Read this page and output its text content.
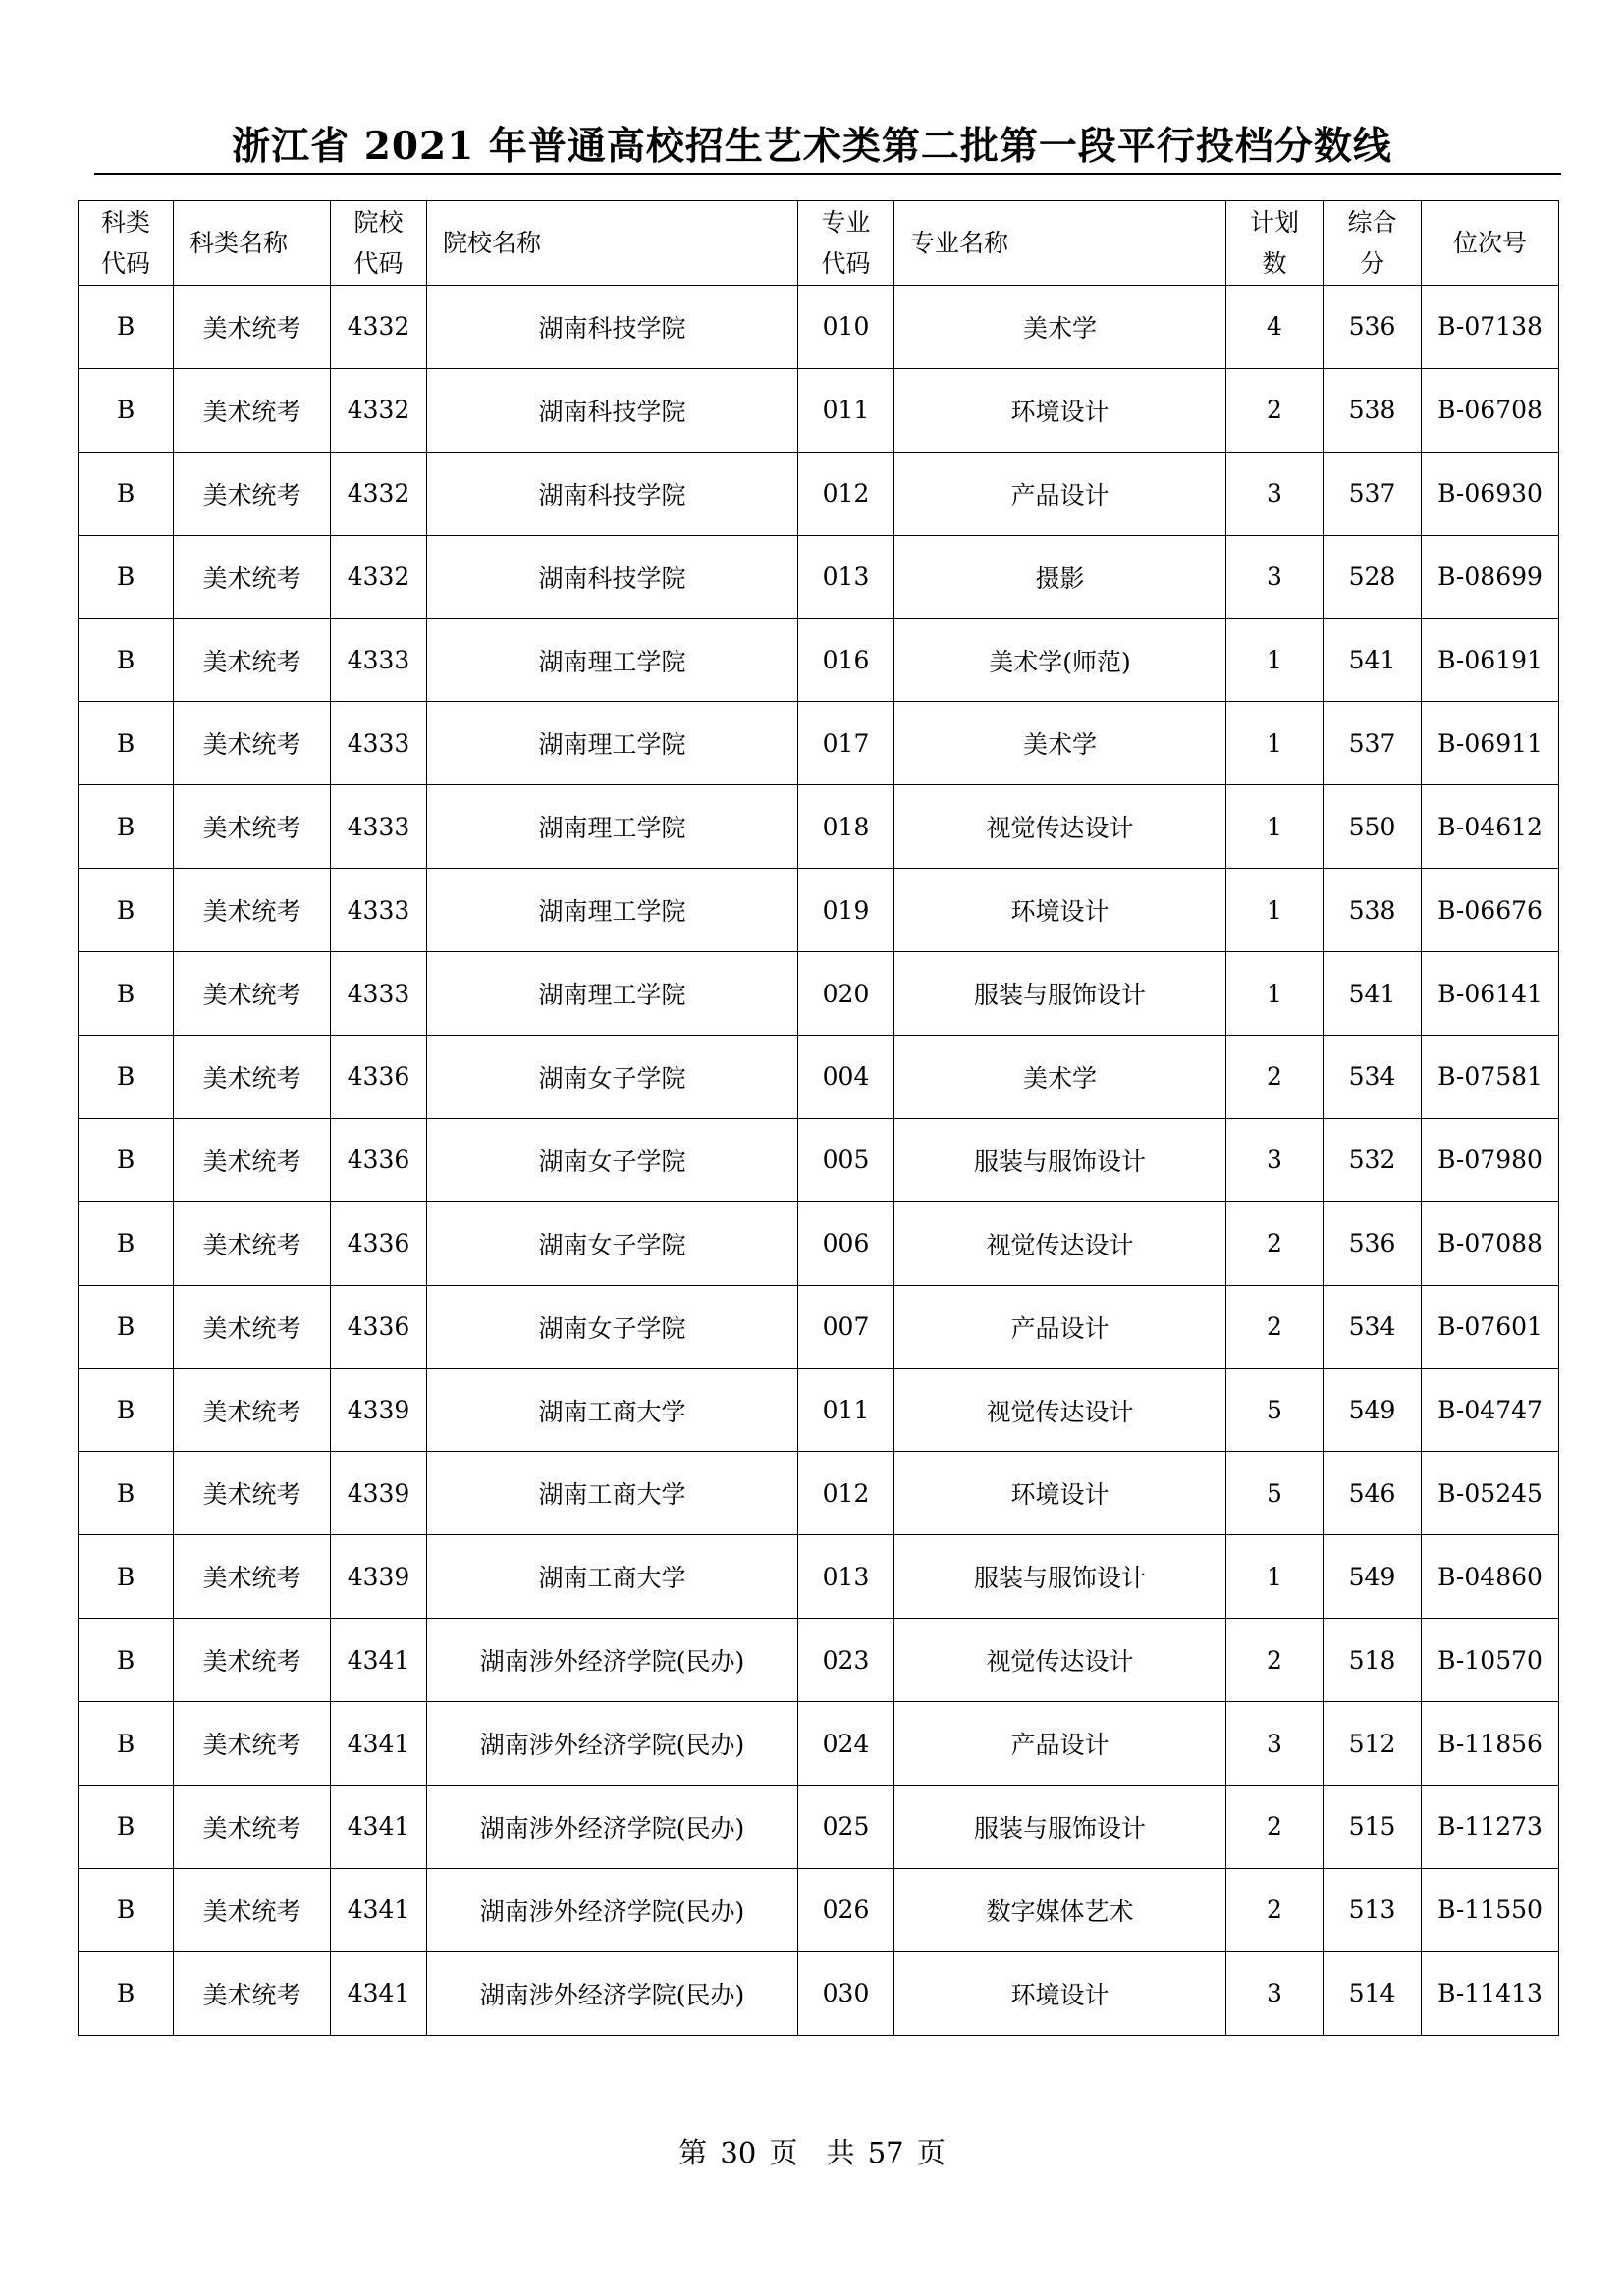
浙江省 2021 年普通高校招生艺术类第二批第一段平行投档分数线
科类代码	科类名称	院校代码	院校名称	专业代码	专业名称	计划数	综合分	位次号
B	美术统考	4332	湖南科技学院	010	美术学	4	536	B-07138
B	美术统考	4332	湖南科技学院	011	环境设计	2	538	B-06708
B	美术统考	4332	湖南科技学院	012	产品设计	3	537	B-06930
B	美术统考	4332	湖南科技学院	013	摄影	3	528	B-08699
B	美术统考	4333	湖南理工学院	016	美术学(师范)	1	541	B-06191
B	美术统考	4333	湖南理工学院	017	美术学	1	537	B-06911
B	美术统考	4333	湖南理工学院	018	视觉传达设计	1	550	B-04612
B	美术统考	4333	湖南理工学院	019	环境设计	1	538	B-06676
B	美术统考	4333	湖南理工学院	020	服装与服饰设计	1	541	B-06141
B	美术统考	4336	湖南女子学院	004	美术学	2	534	B-07581
B	美术统考	4336	湖南女子学院	005	服装与服饰设计	3	532	B-07980
B	美术统考	4336	湖南女子学院	006	视觉传达设计	2	536	B-07088
B	美术统考	4336	湖南女子学院	007	产品设计	2	534	B-07601
B	美术统考	4339	湖南工商大学	011	视觉传达设计	5	549	B-04747
B	美术统考	4339	湖南工商大学	012	环境设计	5	546	B-05245
B	美术统考	4339	湖南工商大学	013	服装与服饰设计	1	549	B-04860
B	美术统考	4341	湖南涉外经济学院(民办)	023	视觉传达设计	2	518	B-10570
B	美术统考	4341	湖南涉外经济学院(民办)	024	产品设计	3	512	B-11856
B	美术统考	4341	湖南涉外经济学院(民办)	025	服装与服饰设计	2	515	B-11273
B	美术统考	4341	湖南涉外经济学院(民办)	026	数字媒体艺术	2	513	B-11550
B	美术统考	4341	湖南涉外经济学院(民办)	030	环境设计	3	514	B-11413
第 30 页　共 57 页
